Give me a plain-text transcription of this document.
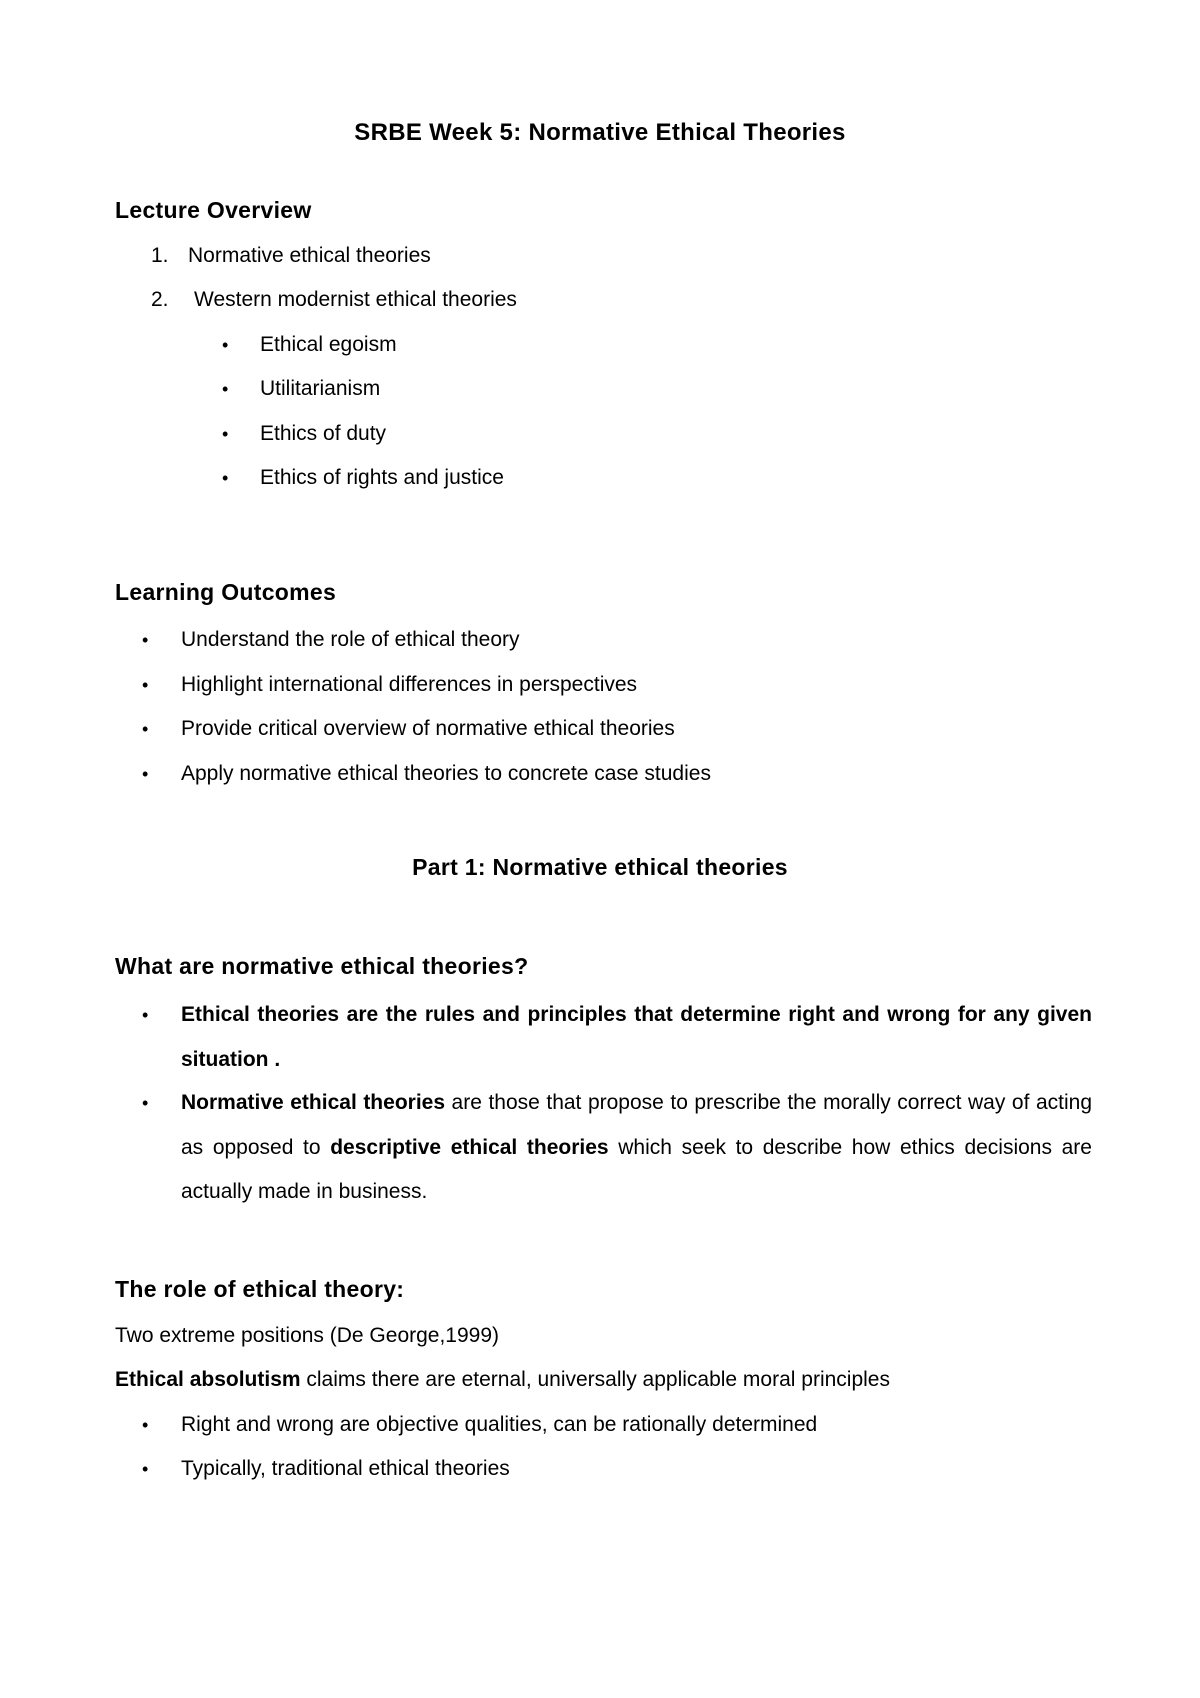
SRBE Week 5: Normative Ethical Theories
Lecture Overview
1. Normative ethical theories
2. Western modernist ethical theories
• Ethical egoism
• Utilitarianism
• Ethics of duty
• Ethics of rights and justice
Learning Outcomes
• Understand the role of ethical theory
• Highlight international differences in perspectives
• Provide critical overview of normative ethical theories
• Apply normative ethical theories to concrete case studies
Part 1: Normative ethical theories
What are normative ethical theories?
• Ethical theories are the rules and principles that determine right and wrong for any given situation .
• Normative ethical theories are those that propose to prescribe the morally correct way of acting as opposed to descriptive ethical theories which seek to describe how ethics decisions are actually made in business.
The role of ethical theory:
Two extreme positions (De George,1999)
Ethical absolutism claims there are eternal, universally applicable moral principles
• Right and wrong are objective qualities, can be rationally determined
• Typically, traditional ethical theories
